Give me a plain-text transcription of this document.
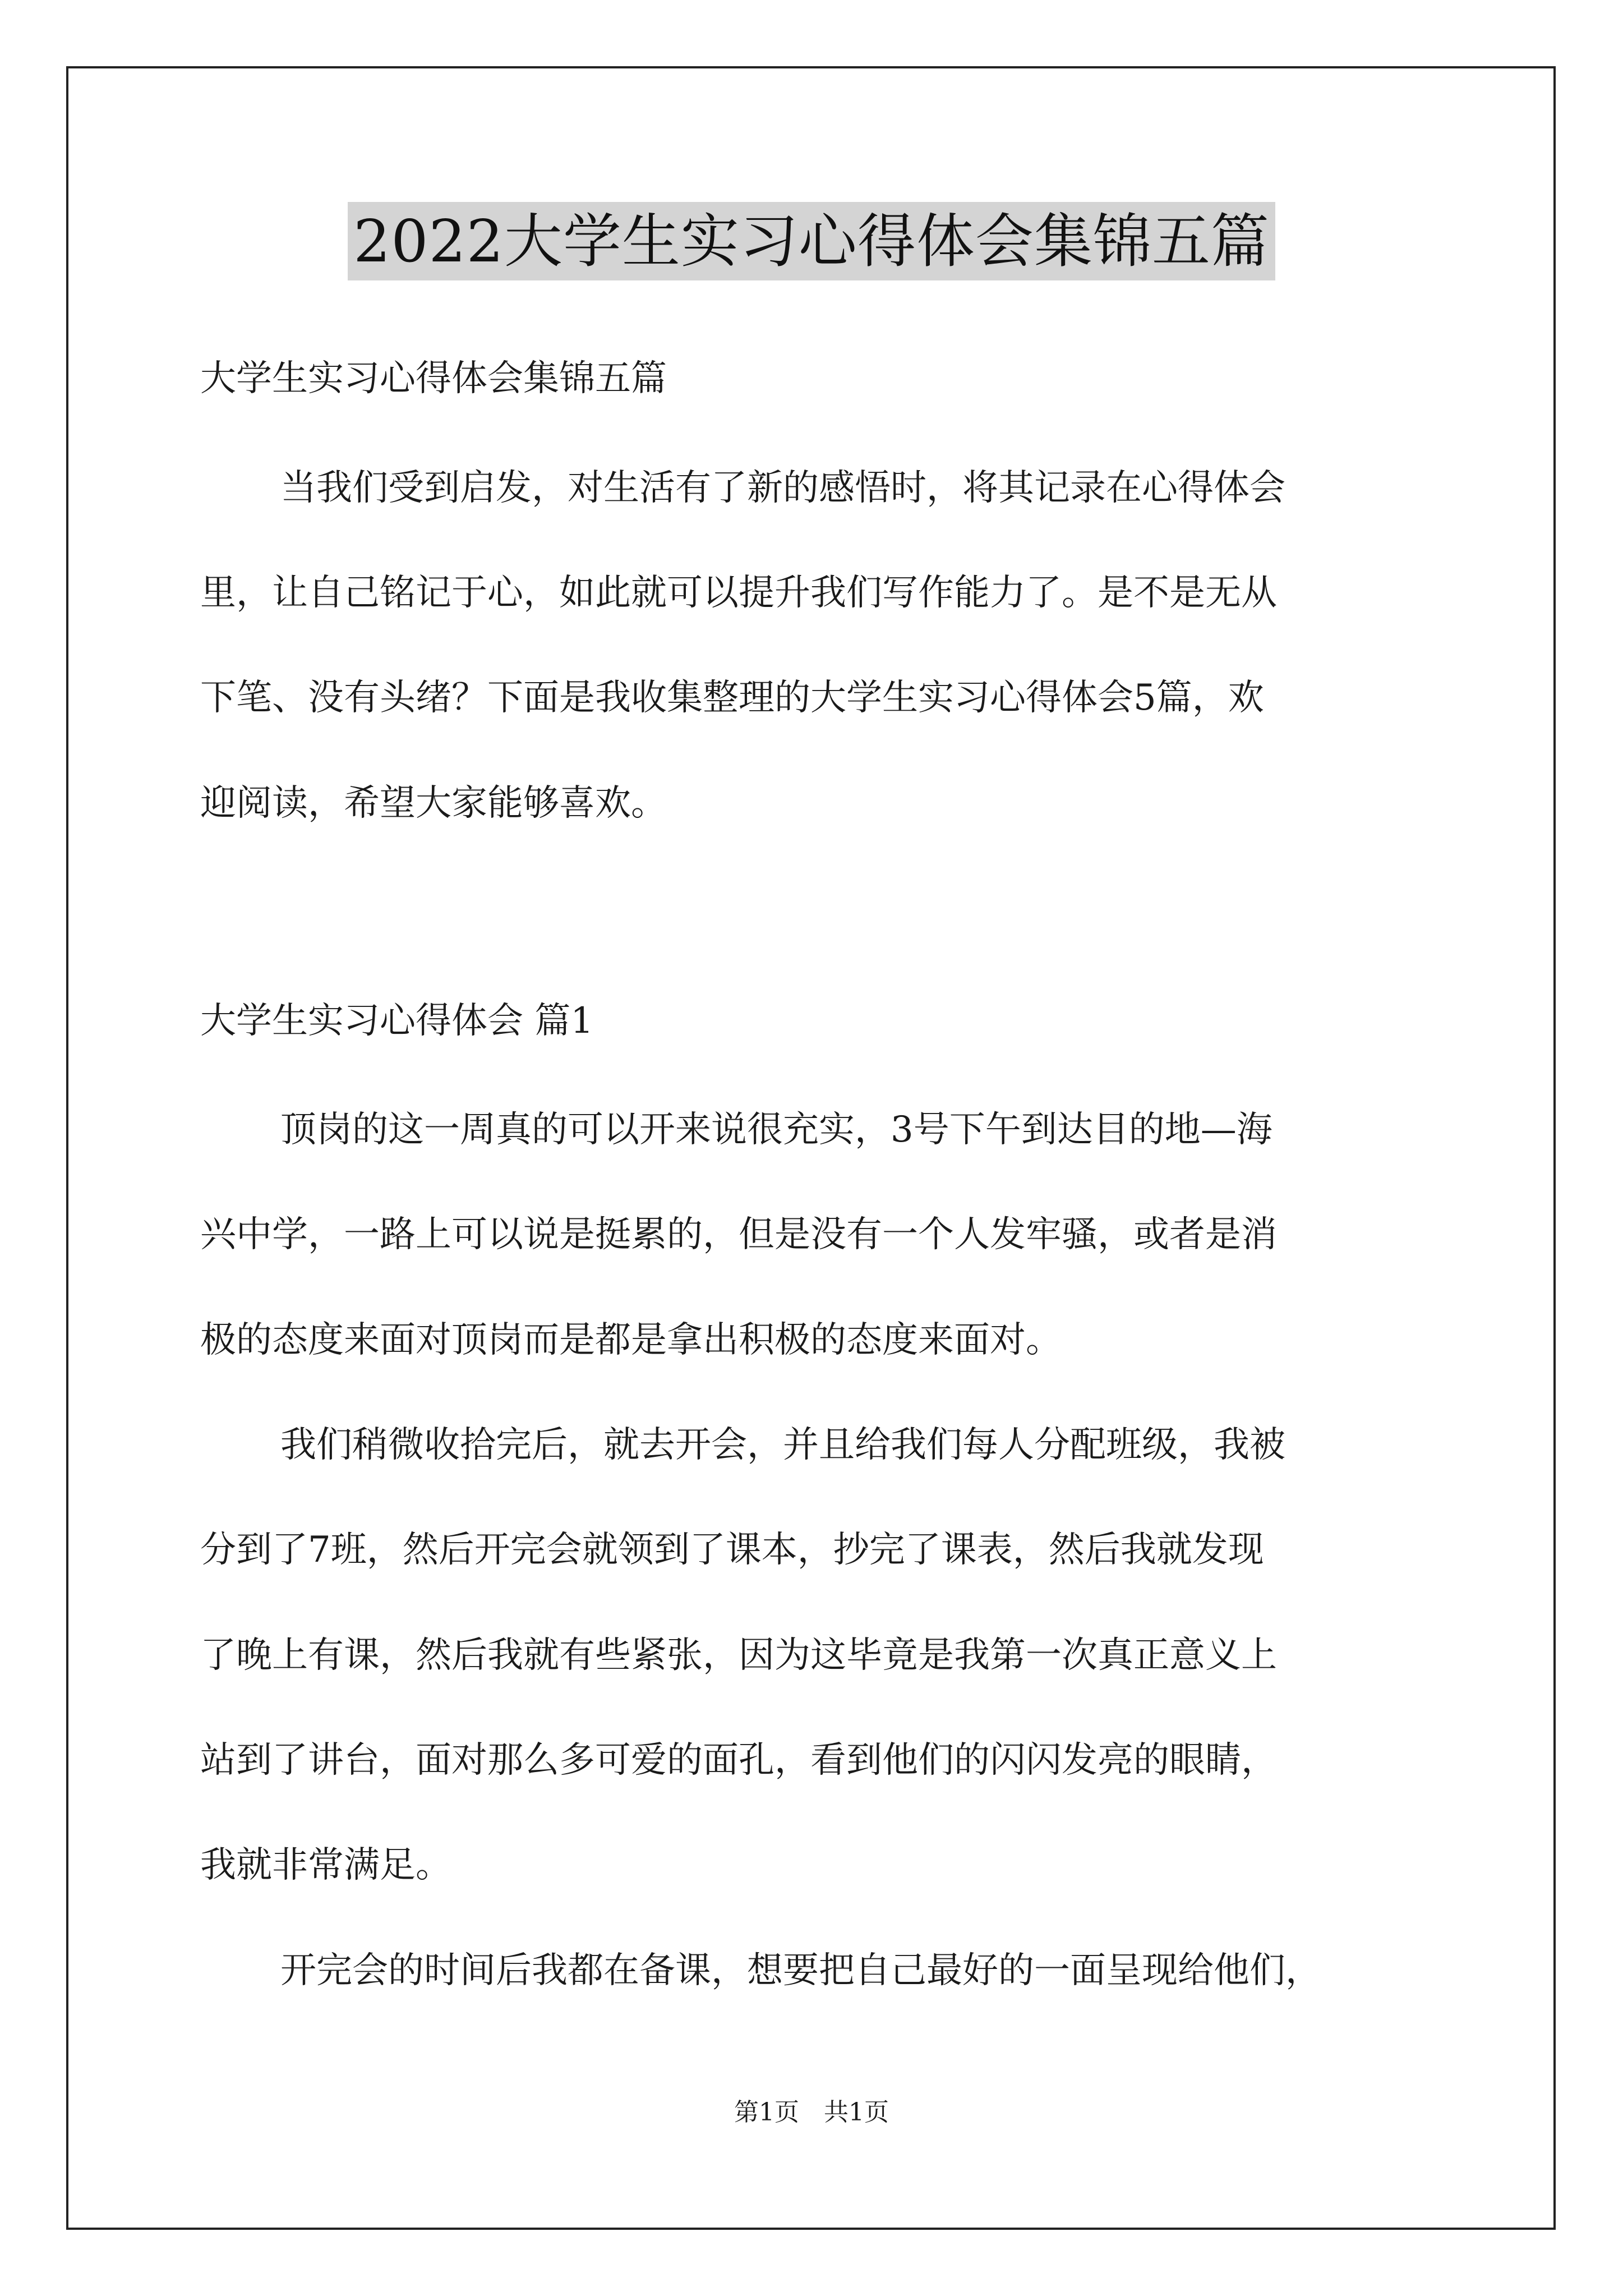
2022大学生实习心得体会集锦五篇
大学生实习心得体会集锦五篇
当我们受到启发，对生活有了新的感悟时，将其记录在心得体会
里，让自己铭记于心，如此就可以提升我们写作能力了。是不是无从
下笔、没有头绪？下面是我收集整理的大学生实习心得体会5篇，欢
迎阅读，希望大家能够喜欢。
大学生实习心得体会 篇1
顶岗的这一周真的可以开来说很充实，3号下午到达目的地—海
兴中学，一路上可以说是挺累的，但是没有一个人发牢骚，或者是消
极的态度来面对顶岗而是都是拿出积极的态度来面对。
我们稍微收拾完后，就去开会，并且给我们每人分配班级，我被
分到了7班，然后开完会就领到了课本，抄完了课表，然后我就发现
了晚上有课，然后我就有些紧张，因为这毕竟是我第一次真正意义上
站到了讲台，面对那么多可爱的面孔，看到他们的闪闪发亮的眼睛，
我就非常满足。
开完会的时间后我都在备课，想要把自己最好的一面呈现给他们，
第1页　共1页
